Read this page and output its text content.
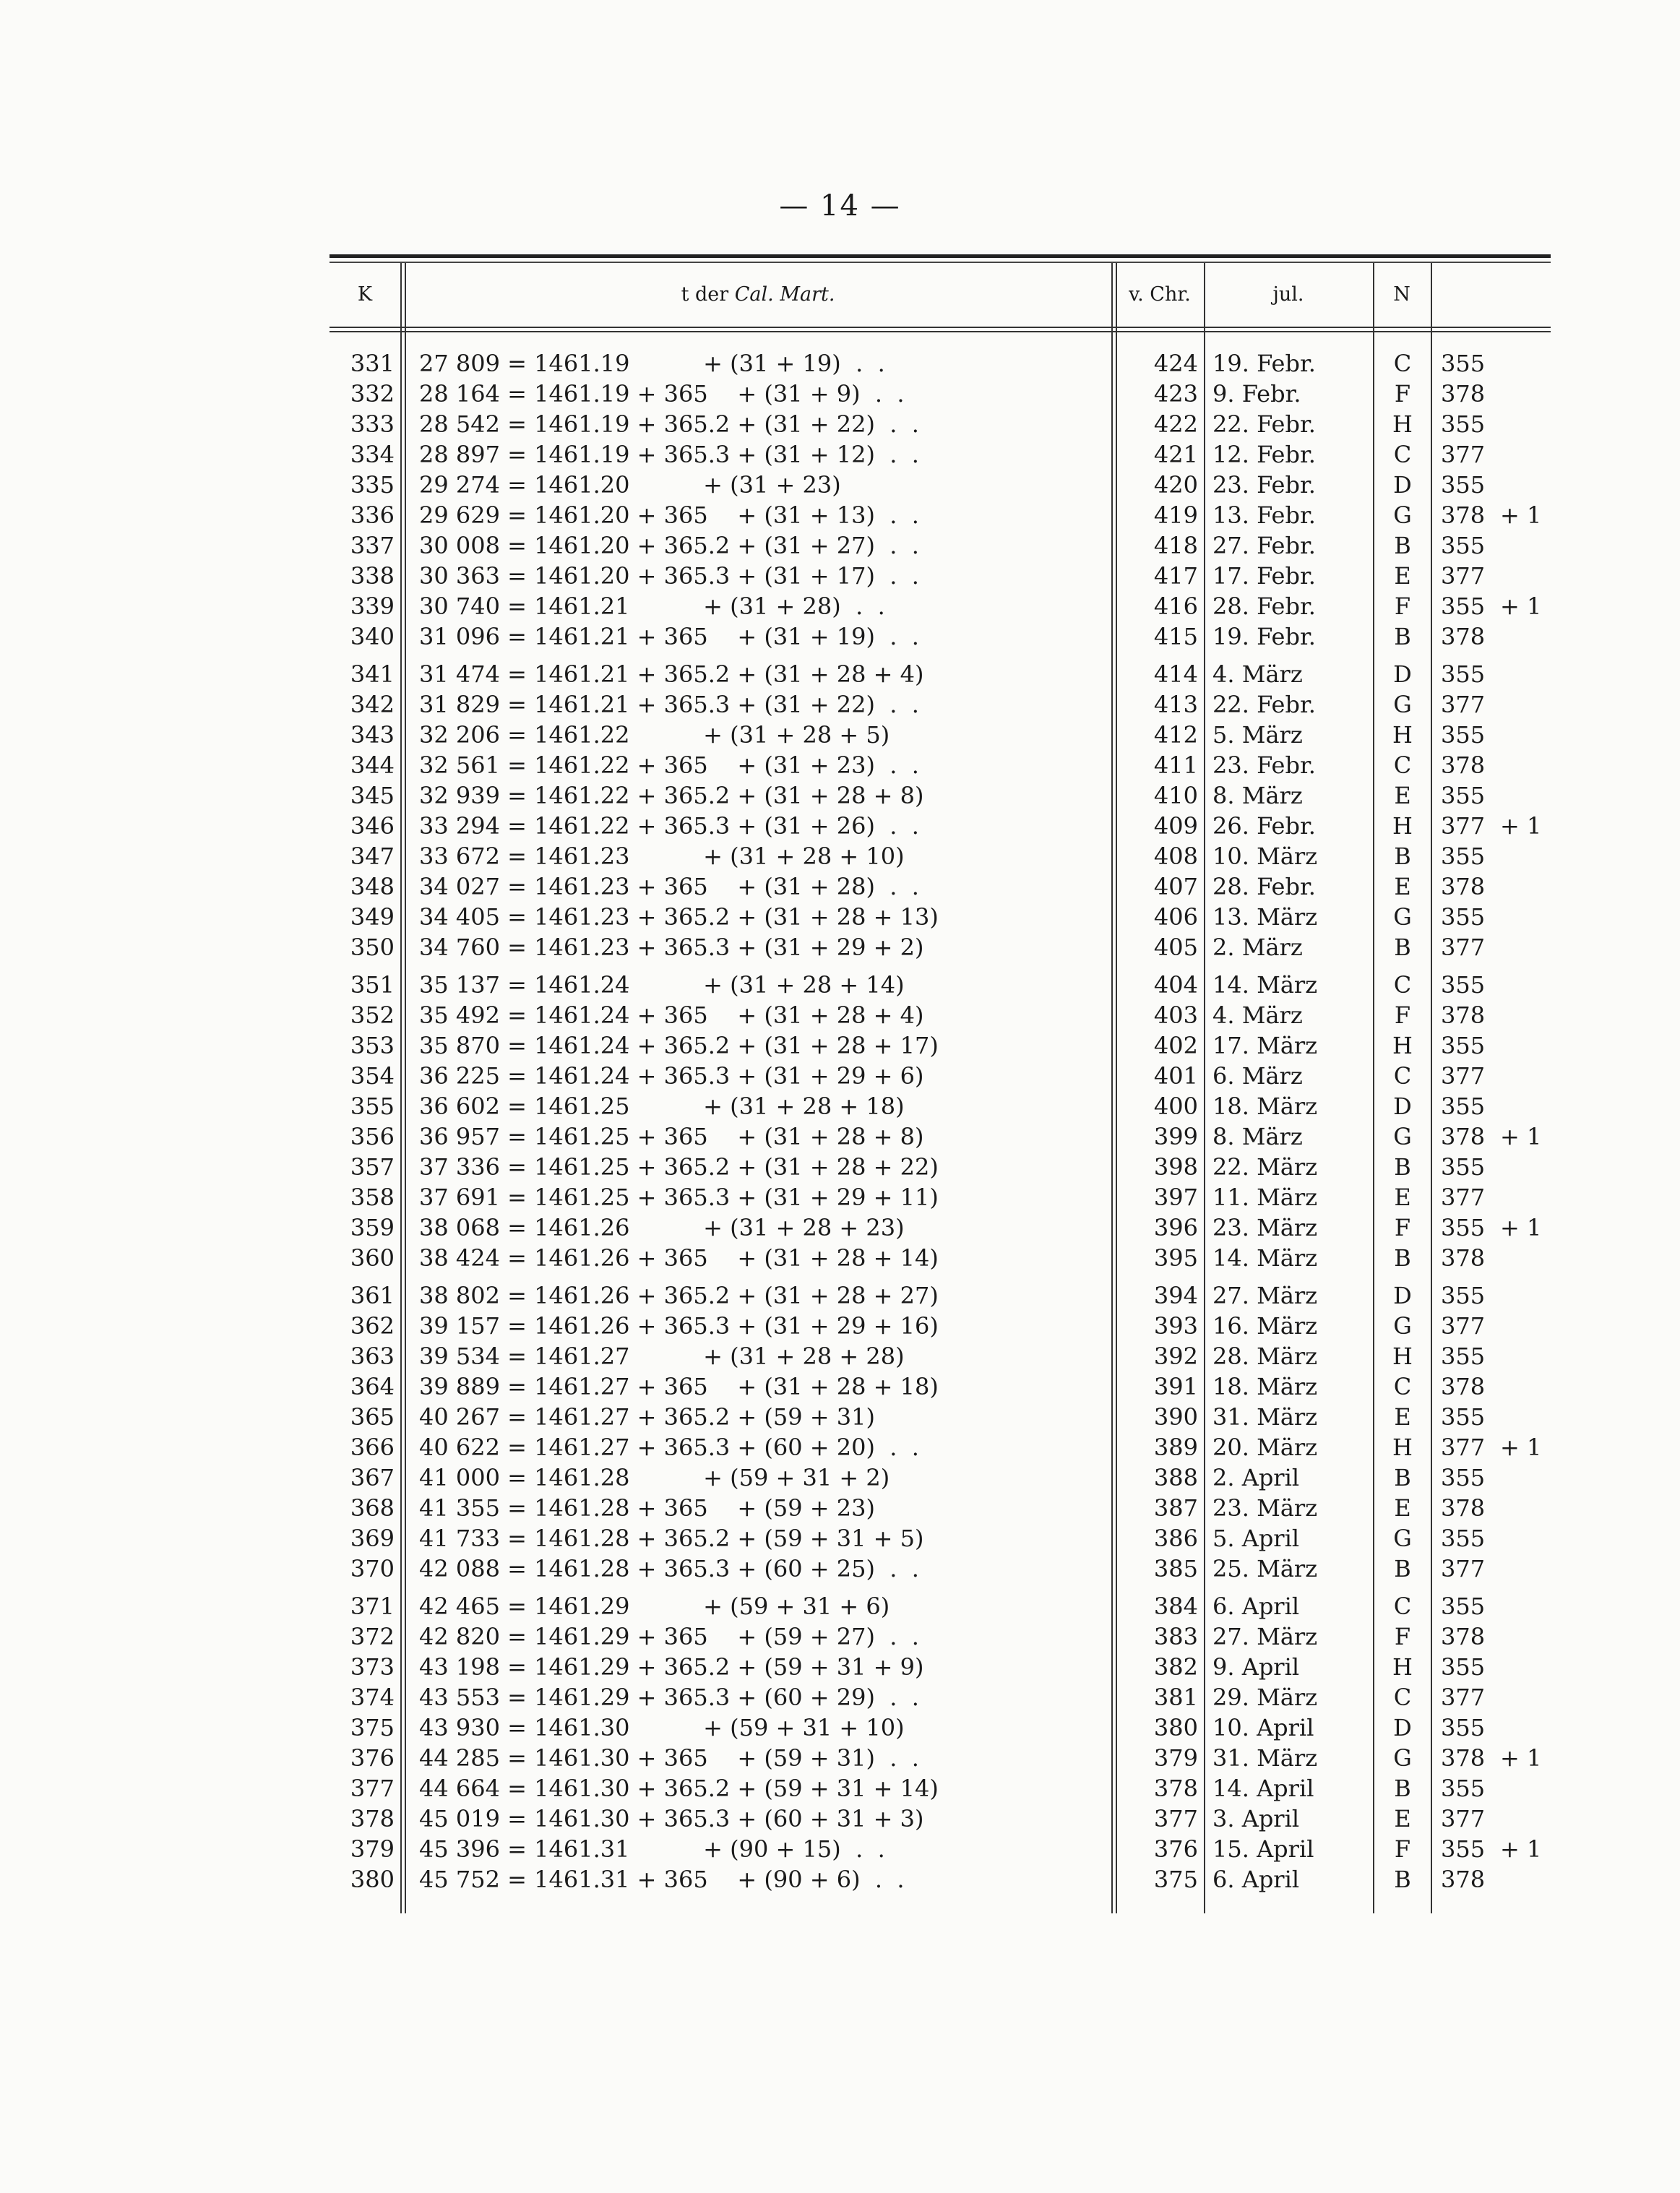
— 14 —
K	t der Cal. Mart.	v. Chr.	jul.	N
331 27 809 = 1461.19          + (31 + 19)  .  .	424 19. Febr.	C	355
332 28 164 = 1461.19 + 365    + (31 + 9)  .  .	423 9. Febr.	F	378
333 28 542 = 1461.19 + 365.2 + (31 + 22)  .  .	422 22. Febr.	H	355
334 28 897 = 1461.19 + 365.3 + (31 + 12)  .  .	421 12. Febr.	C	377
335 29 274 = 1461.20          + (31 + 23)	420 23. Febr.	D	355
336 29 629 = 1461.20 + 365    + (31 + 13)  .  .	419 13. Febr.	G	378 + 1
337 30 008 = 1461.20 + 365.2 + (31 + 27)  .  .	418 27. Febr.	B	355
338 30 363 = 1461.20 + 365.3 + (31 + 17)  .  .	417 17. Febr.	E	377
339 30 740 = 1461.21          + (31 + 28)  .  .	416 28. Febr.	F	355 + 1
340 31 096 = 1461.21 + 365    + (31 + 19)  .  .	415 19. Febr.	B	378
341 31 474 = 1461.21 + 365.2 + (31 + 28 + 4)	414 4. März	D	355
342 31 829 = 1461.21 + 365.3 + (31 + 22)  .  .	413 22. Febr.	G	377
343 32 206 = 1461.22          + (31 + 28 + 5)	412 5. März	H	355
344 32 561 = 1461.22 + 365    + (31 + 23)  .  .	411 23. Febr.	C	378
345 32 939 = 1461.22 + 365.2 + (31 + 28 + 8)	410 8. März	E	355
346 33 294 = 1461.22 + 365.3 + (31 + 26)  .  .	409 26. Febr.	H	377 + 1
347 33 672 = 1461.23          + (31 + 28 + 10)	408 10. März	B	355
348 34 027 = 1461.23 + 365    + (31 + 28)  .  .	407 28. Febr.	E	378
349 34 405 = 1461.23 + 365.2 + (31 + 28 + 13)	406 13. März	G	355
350 34 760 = 1461.23 + 365.3 + (31 + 29 + 2)	405 2. März	B	377
351 35 137 = 1461.24          + (31 + 28 + 14)	404 14. März	C	355
352 35 492 = 1461.24 + 365    + (31 + 28 + 4)	403 4. März	F	378
353 35 870 = 1461.24 + 365.2 + (31 + 28 + 17)	402 17. März	H	355
354 36 225 = 1461.24 + 365.3 + (31 + 29 + 6)	401 6. März	C	377
355 36 602 = 1461.25          + (31 + 28 + 18)	400 18. März	D	355
356 36 957 = 1461.25 + 365    + (31 + 28 + 8)	399 8. März	G	378 + 1
357 37 336 = 1461.25 + 365.2 + (31 + 28 + 22)	398 22. März	B	355
358 37 691 = 1461.25 + 365.3 + (31 + 29 + 11)	397 11. März	E	377
359 38 068 = 1461.26          + (31 + 28 + 23)	396 23. März	F	355 + 1
360 38 424 = 1461.26 + 365    + (31 + 28 + 14)	395 14. März	B	378
361 38 802 = 1461.26 + 365.2 + (31 + 28 + 27)	394 27. März	D	355
362 39 157 = 1461.26 + 365.3 + (31 + 29 + 16)	393 16. März	G	377
363 39 534 = 1461.27          + (31 + 28 + 28)	392 28. März	H	355
364 39 889 = 1461.27 + 365    + (31 + 28 + 18)	391 18. März	C	378
365 40 267 = 1461.27 + 365.2 + (59 + 31)	390 31. März	E	355
366 40 622 = 1461.27 + 365.3 + (60 + 20)  .  .	389 20. März	H	377 + 1
367 41 000 = 1461.28          + (59 + 31 + 2)	388 2. April	B	355
368 41 355 = 1461.28 + 365    + (59 + 23)	387 23. März	E	378
369 41 733 = 1461.28 + 365.2 + (59 + 31 + 5)	386 5. April	G	355
370 42 088 = 1461.28 + 365.3 + (60 + 25)  .  .	385 25. März	B	377
371 42 465 = 1461.29          + (59 + 31 + 6)	384 6. April	C	355
372 42 820 = 1461.29 + 365    + (59 + 27)  .  .	383 27. März	F	378
373 43 198 = 1461.29 + 365.2 + (59 + 31 + 9)	382 9. April	H	355
374 43 553 = 1461.29 + 365.3 + (60 + 29)  .  .	381 29. März	C	377
375 43 930 = 1461.30          + (59 + 31 + 10)	380 10. April	D	355
376 44 285 = 1461.30 + 365    + (59 + 31)  .  .	379 31. März	G	378 + 1
377 44 664 = 1461.30 + 365.2 + (59 + 31 + 14)	378 14. April	B	355
378 45 019 = 1461.30 + 365.3 + (60 + 31 + 3)	377 3. April	E	377
379 45 396 = 1461.31          + (90 + 15)  .  .	376 15. April	F	355 + 1
380 45 752 = 1461.31 + 365    + (90 + 6)  .  .	375 6. April	B	378
